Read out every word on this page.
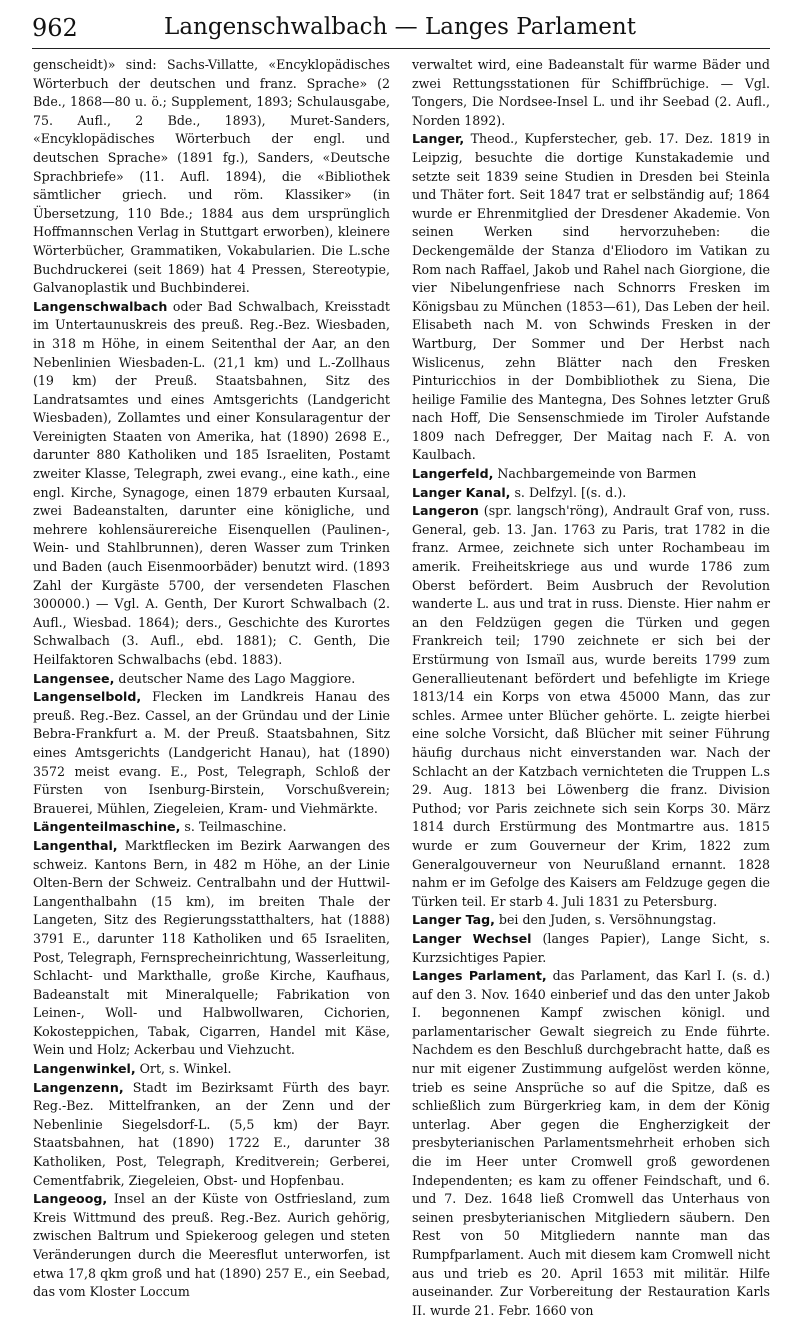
962	Langenschwalbach — Langes Parlament

genscheidt)» sind: Sachs-Villatte, «Encyklopädisches Wörterbuch der deutschen und franz. Sprache» (2 Bde., 1868—80 u. ö.; Supplement, 1893; Schulausgabe, 75. Aufl., 2 Bde., 1893), Muret-Sanders, «Encyklopädisches Wörterbuch der engl. und deutschen Sprache» (1891 fg.), Sanders, «Deutsche Sprachbriefe» (11. Aufl. 1894), die «Bibliothek sämtlicher griech. und röm. Klassiker» (in Übersetzung, 110 Bde.; 1884 aus dem ursprünglich Hoffmannschen Verlag in Stuttgart erworben), kleinere Wörterbücher, Grammatiken, Vokabularien. Die L.sche Buchdruckerei (seit 1869) hat 4 Pressen, Stereotypie, Galvanoplastik und Buchbinderei.

Langenschwalbach oder Bad Schwalbach, Kreisstadt im Untertaunuskreis des preuß. Reg.-Bez. Wiesbaden, in 318 m Höhe, in einem Seitenthal der Aar, an den Nebenlinien Wiesbaden-L. (21,1 km) und L.-Zollhaus (19 km) der Preuß. Staatsbahnen, Sitz des Landratsamtes und eines Amtsgerichts (Landgericht Wiesbaden), Zollamtes und einer Konsularagentur der Vereinigten Staaten von Amerika, hat (1890) 2698 E., darunter 880 Katholiken und 185 Israeliten, Postamt zweiter Klasse, Telegraph, zwei evang., eine kath., eine engl. Kirche, Synagoge, einen 1879 erbauten Kursaal, zwei Badeanstalten, darunter eine königliche, und mehrere kohlensäurereiche Eisenquellen (Paulinen-, Wein- und Stahlbrunnen), deren Wasser zum Trinken und Baden (auch Eisenmoorbäder) benutzt wird. (1893 Zahl der Kurgäste 5700, der versendeten Flaschen 300000.) — Vgl. A. Genth, Der Kurort Schwalbach (2. Aufl., Wiesbad. 1864); ders., Geschichte des Kurortes Schwalbach (3. Aufl., ebd. 1881); C. Genth, Die Heilfaktoren Schwalbachs (ebd. 1883).

Langensee, deutscher Name des Lago Maggiore.

Langenselbold, Flecken im Landkreis Hanau des preuß. Reg.-Bez. Cassel, an der Gründau und der Linie Bebra-Frankfurt a. M. der Preuß. Staatsbahnen, Sitz eines Amtsgerichts (Landgericht Hanau), hat (1890) 3572 meist evang. E., Post, Telegraph, Schloß der Fürsten von Isenburg-Birstein, Vorschußverein; Brauerei, Mühlen, Ziegeleien, Kram- und Viehmärkte.

Längenteilmaschine, s. Teilmaschine.

Langenthal, Marktflecken im Bezirk Aarwangen des schweiz. Kantons Bern, in 482 m Höhe, an der Linie Olten-Bern der Schweiz. Centralbahn und der Huttwil-Langenthalbahn (15 km), im breiten Thale der Langeten, Sitz des Regierungsstatthalters, hat (1888) 3791 E., darunter 118 Katholiken und 65 Israeliten, Post, Telegraph, Fernsprecheinrichtung, Wasserleitung, Schlacht- und Markthalle, große Kirche, Kaufhaus, Badeanstalt mit Mineralquelle; Fabrikation von Leinen-, Woll- und Halbwollwaren, Cichorien, Kokosteppichen, Tabak, Cigarren, Handel mit Käse, Wein und Holz; Ackerbau und Viehzucht.

Langenwinkel, Ort, s. Winkel.

Langenzenn, Stadt im Bezirksamt Fürth des bayr. Reg.-Bez. Mittelfranken, an der Zenn und der Nebenlinie Siegelsdorf-L. (5,5 km) der Bayr. Staatsbahnen, hat (1890) 1722 E., darunter 38 Katholiken, Post, Telegraph, Kreditverein; Gerberei, Cementfabrik, Ziegeleien, Obst- und Hopfenbau.

Langeoog, Insel an der Küste von Ostfriesland, zum Kreis Wittmund des preuß. Reg.-Bez. Aurich gehörig, zwischen Baltrum und Spiekeroog gelegen und steten Veränderungen durch die Meeresflut unterworfen, ist etwa 17,8 qkm groß und hat (1890) 257 E., ein Seebad, das vom Kloster Loccum

verwaltet wird, eine Badeanstalt für warme Bäder und zwei Rettungsstationen für Schiffbrüchige. — Vgl. Tongers, Die Nordsee-Insel L. und ihr Seebad (2. Aufl., Norden 1892).

Langer, Theod., Kupferstecher, geb. 17. Dez. 1819 in Leipzig, besuchte die dortige Kunstakademie und setzte seit 1839 seine Studien in Dresden bei Steinla und Thäter fort. Seit 1847 trat er selbständig auf; 1864 wurde er Ehrenmitglied der Dresdener Akademie. Von seinen Werken sind hervorzuheben: die Deckengemälde der Stanza d'Eliodoro im Vatikan zu Rom nach Raffael, Jakob und Rahel nach Giorgione, die vier Nibelungenfriese nach Schnorrs Fresken im Königsbau zu München (1853—61), Das Leben der heil. Elisabeth nach M. von Schwinds Fresken in der Wartburg, Der Sommer und Der Herbst nach Wislicenus, zehn Blätter nach den Fresken Pinturicchios in der Dombibliothek zu Siena, Die heilige Familie des Mantegna, Des Sohnes letzter Gruß nach Hoff, Die Sensenschmiede im Tiroler Aufstande 1809 nach Defregger, Der Maitag nach F. A. von Kaulbach.

Langerfeld, Nachbargemeinde von Barmen

Langer Kanal, s. Delfzyl. [(s. d.).

Langeron (spr. langsch'röng), Andrault Graf von, russ. General, geb. 13. Jan. 1763 zu Paris, trat 1782 in die franz. Armee, zeichnete sich unter Rochambeau im amerik. Freiheitskriege aus und wurde 1786 zum Oberst befördert. Beim Ausbruch der Revolution wanderte L. aus und trat in russ. Dienste. Hier nahm er an den Feldzügen gegen die Türken und gegen Frankreich teil; 1790 zeichnete er sich bei der Erstürmung von Ismaïl aus, wurde bereits 1799 zum Generallieutenant befördert und befehligte im Kriege 1813/14 ein Korps von etwa 45000 Mann, das zur schles. Armee unter Blücher gehörte. L. zeigte hierbei eine solche Vorsicht, daß Blücher mit seiner Führung häufig durchaus nicht einverstanden war. Nach der Schlacht an der Katzbach vernichteten die Truppen L.s 29. Aug. 1813 bei Löwenberg die franz. Division Puthod; vor Paris zeichnete sich sein Korps 30. März 1814 durch Erstürmung des Montmartre aus. 1815 wurde er zum Gouverneur der Krim, 1822 zum Generalgouverneur von Neurußland ernannt. 1828 nahm er im Gefolge des Kaisers am Feldzuge gegen die Türken teil. Er starb 4. Juli 1831 zu Petersburg.

Langer Tag, bei den Juden, s. Versöhnungstag.

Langer Wechsel (langes Papier), Lange Sicht, s. Kurzsichtiges Papier.

Langes Parlament, das Parlament, das Karl I. (s. d.) auf den 3. Nov. 1640 einberief und das den unter Jakob I. begonnenen Kampf zwischen königl. und parlamentarischer Gewalt siegreich zu Ende führte. Nachdem es den Beschluß durchgebracht hatte, daß es nur mit eigener Zustimmung aufgelöst werden könne, trieb es seine Ansprüche so auf die Spitze, daß es schließlich zum Bürgerkrieg kam, in dem der König unterlag. Aber gegen die Engherzigkeit der presbyterianischen Parlamentsmehrheit erhoben sich die im Heer unter Cromwell groß gewordenen Independenten; es kam zu offener Feindschaft, und 6. und 7. Dez. 1648 ließ Cromwell das Unterhaus von seinen presbyterianischen Mitgliedern säubern. Den Rest von 50 Mitgliedern nannte man das Rumpfparlament. Auch mit diesem kam Cromwell nicht aus und trieb es 20. April 1653 mit militär. Hilfe auseinander. Zur Vorbereitung der Restauration Karls II. wurde 21. Febr. 1660 von
